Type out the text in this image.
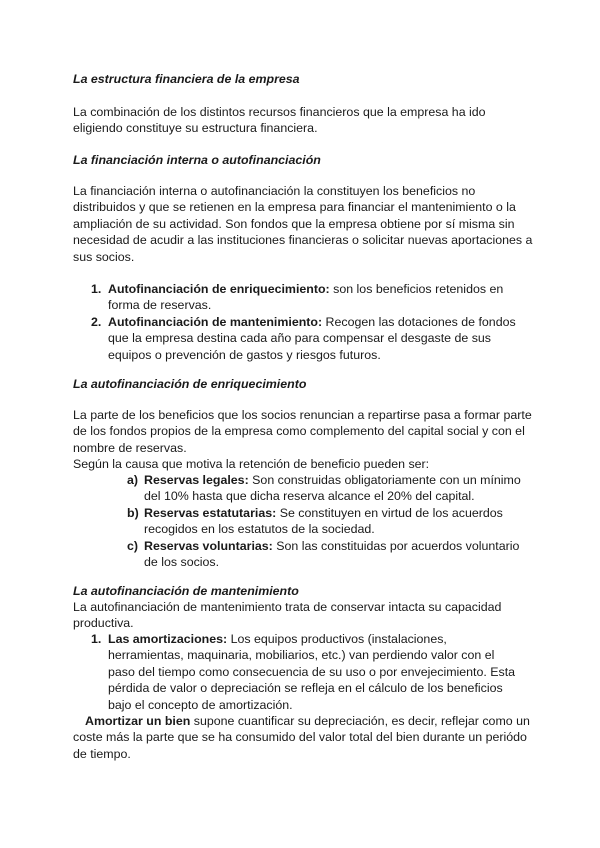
La estructura financiera de la empresa

La combinación de los distintos recursos financieros que la empresa ha ido eligiendo constituye su estructura financiera.

La financiación interna o autofinanciación

La financiación interna o autofinanciación la constituyen los beneficios no distribuidos y que se retienen en la empresa para financiar el mantenimiento o la ampliación de su actividad. Son fondos que la empresa obtiene por sí misma sin necesidad de acudir a las instituciones financieras o solicitar nuevas aportaciones a sus socios.

1. Autofinanciación de enriquecimiento: son los beneficios retenidos en forma de reservas.
2. Autofinanciación de mantenimiento: Recogen las dotaciones de fondos que la empresa destina cada año para compensar el desgaste de sus equipos o prevención de gastos y riesgos futuros.
La autofinanciación de enriquecimiento

La parte de los beneficios que los socios renuncian a repartirse pasa a formar parte de los fondos propios de la empresa como complemento del capital social y con el nombre de reservas.

Según la causa que motiva la retención de beneficio pueden ser:

a) Reservas legales: Son construidas obligatoriamente con un mínimo del 10% hasta que dicha reserva alcance el 20% del capital.
b) Reservas estatutarias: Se constituyen en virtud de los acuerdos recogidos en los estatutos de la sociedad.
c) Reservas voluntarias: Son las constituidas por acuerdos voluntario de los socios.
La autofinanciación de mantenimiento

La autofinanciación de mantenimiento trata de conservar intacta su capacidad productiva.

1. Las amortizaciones: Los equipos productivos (instalaciones, herramientas, maquinaria, mobiliarios, etc.) van perdiendo valor con el paso del tiempo como consecuencia de su uso o por envejecimiento. Esta pérdida de valor o depreciación se refleja en el cálculo de los beneficios bajo el concepto de amortización.

Amortizar un bien supone cuantificar su depreciación, es decir, reflejar como un coste más la parte que se ha consumido del valor total del bien durante un periódo de tiempo.
